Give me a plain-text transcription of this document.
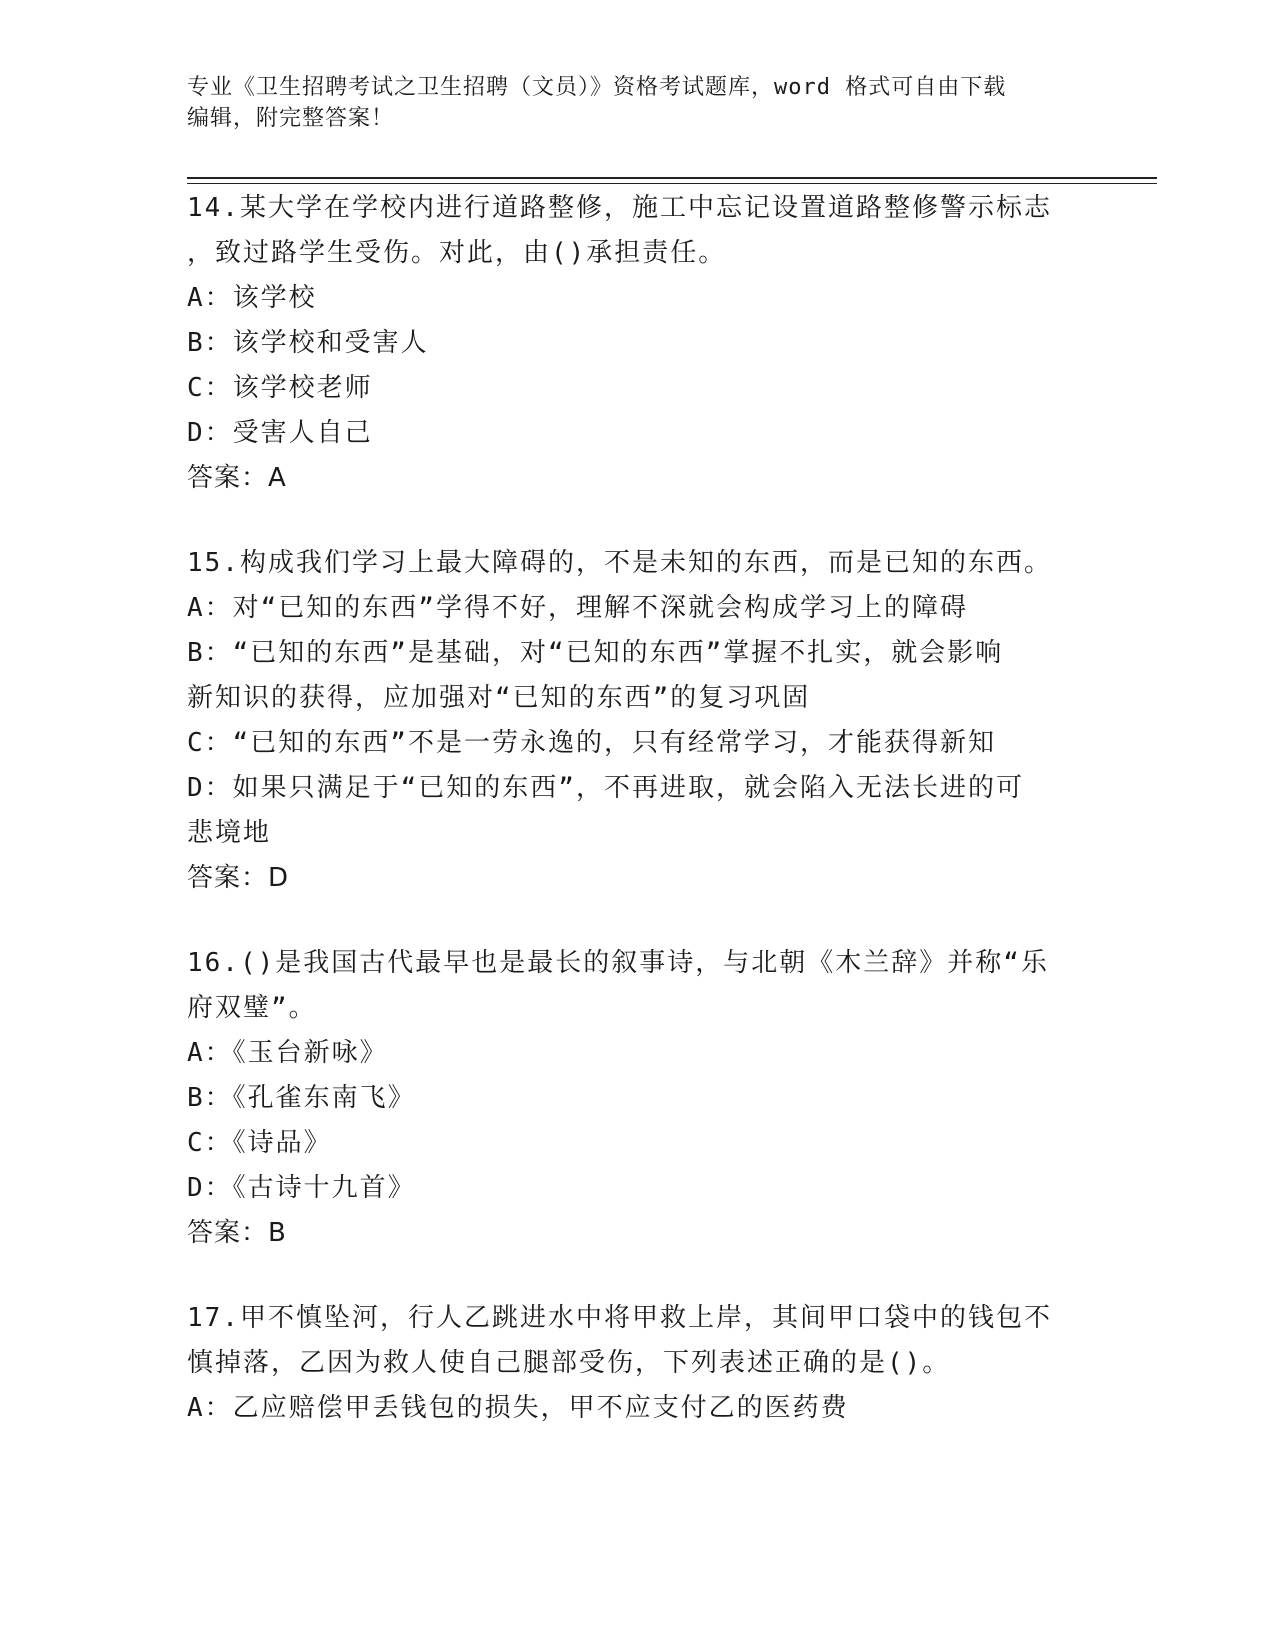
专业《卫生招聘考试之卫生招聘（文员）》资格考试题库，word 格式可自由下载
编辑，附完整答案！

14.某大学在学校内进行道路整修，施工中忘记设置道路整修警示标志

，致过路学生受伤。对此，由()承担责任。

A：该学校

B：该学校和受害人

C：该学校老师

D：受害人自己

答案：A

15.构成我们学习上最大障碍的，不是未知的东西，而是已知的东西。

A：对“已知的东西”学得不好，理解不深就会构成学习上的障碍

B：“已知的东西”是基础，对“已知的东西”掌握不扎实，就会影响

新知识的获得，应加强对“已知的东西”的复习巩固

C：“已知的东西”不是一劳永逸的，只有经常学习，才能获得新知

D：如果只满足于“已知的东西”，不再进取，就会陷入无法长进的可

悲境地

答案：D

16.()是我国古代最早也是最长的叙事诗，与北朝《木兰辞》并称“乐

府双璧”。

A：《玉台新咏》

B：《孔雀东南飞》

C：《诗品》

D：《古诗十九首》

答案：B

17.甲不慎坠河，行人乙跳进水中将甲救上岸，其间甲口袋中的钱包不

慎掉落，乙因为救人使自己腿部受伤，下列表述正确的是()。

A：乙应赔偿甲丢钱包的损失，甲不应支付乙的医药费
